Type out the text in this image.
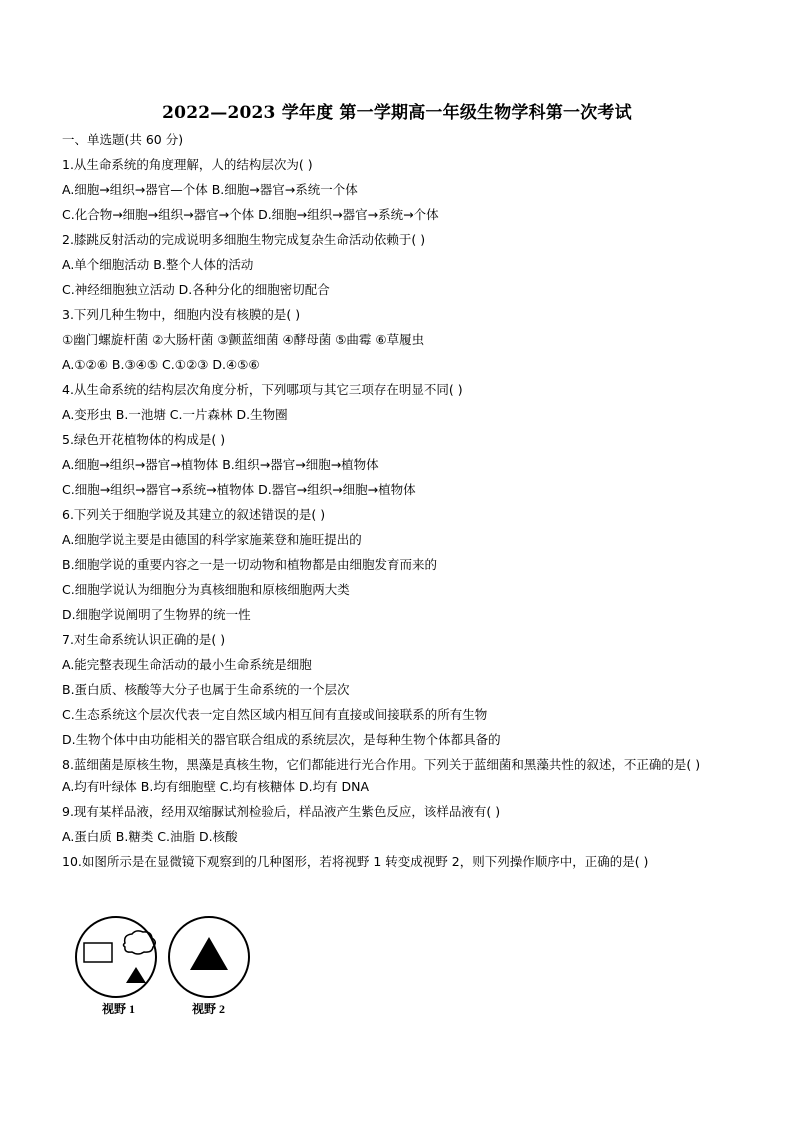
2022—2023 学年度 第一学期高一年级生物学科第一次考试
一、单选题(共 60 分)
1.从生命系统的角度理解，人的结构层次为( )
A.细胞→组织→器官—个体 B.细胞→器官→系统一个体
C.化合物→细胞→组织→器官→个体 D.细胞→组织→器官→系统→个体
2.膝跳反射活动的完成说明多细胞生物完成复杂生命活动依赖于( )
A.单个细胞活动 B.整个人体的活动
C.神经细胞独立活动 D.各种分化的细胞密切配合
3.下列几种生物中，细胞内没有核膜的是( )
①幽门螺旋杆菌 ②大肠杆菌 ③颤蓝细菌 ④酵母菌 ⑤曲霉 ⑥草履虫
A.①②⑥ B.③④⑤ C.①②③ D.④⑤⑥
4.从生命系统的结构层次角度分析，下列哪项与其它三项存在明显不同( )
A.变形虫 B.一池塘 C.一片森林 D.生物圈
5.绿色开花植物体的构成是( )
A.细胞→组织→器官→植物体 B.组织→器官→细胞→植物体
C.细胞→组织→器官→系统→植物体 D.器官→组织→细胞→植物体
6.下列关于细胞学说及其建立的叙述错误的是( )
A.细胞学说主要是由德国的科学家施莱登和施旺提出的
B.细胞学说的重要内容之一是一切动物和植物都是由细胞发育而来的
C.细胞学说认为细胞分为真核细胞和原核细胞两大类
D.细胞学说阐明了生物界的统一性
7.对生命系统认识正确的是( )
A.能完整表现生命活动的最小生命系统是细胞
B.蛋白质、核酸等大分子也属于生命系统的一个层次
C.生态系统这个层次代表一定自然区域内相互间有直接或间接联系的所有生物
D.生物个体中由功能相关的器官联合组成的系统层次，是每种生物个体都具备的
8.蓝细菌是原核生物，黑藻是真核生物，它们都能进行光合作用。下列关于蓝细菌和黑藻共性的叙述，不正确的是( )
A.均有叶绿体 B.均有细胞壁 C.均有核糖体 D.均有 DNA
9.现有某样品液，经用双缩脲试剂检验后，样品液产生紫色反应，该样品液有( )
A.蛋白质 B.糖类 C.油脂 D.核酸
10.如图所示是在显微镜下观察到的几种图形，若将视野 1 转变成视野 2，则下列操作顺序中，正确的是( )
视野 1	视野 2
